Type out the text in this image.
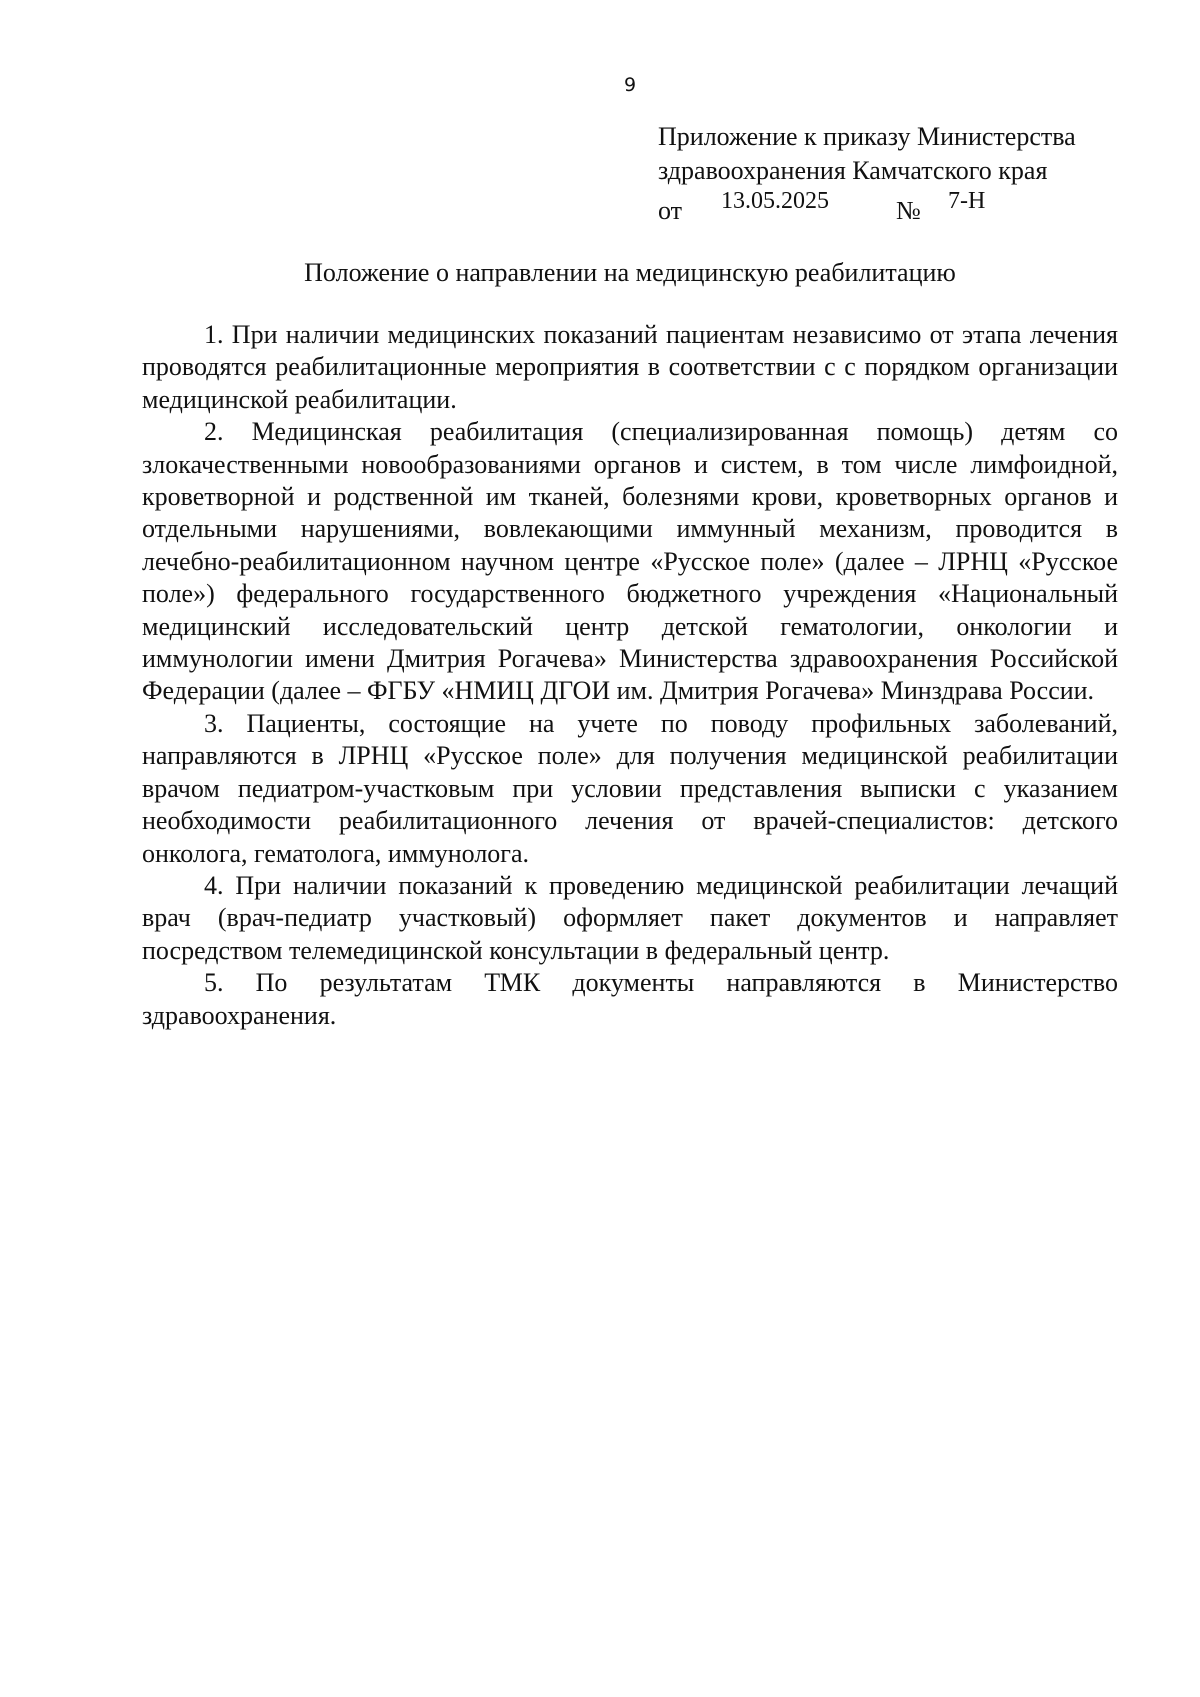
9
Приложение к приказу Министерства
здравоохранения Камчатского края
от 13.05.2025	№ 7-Н
Положение о направлении на медицинскую реабилитацию

1. При наличии медицинских показаний пациентам независимо от этапа лечения проводятся реабилитационные мероприятия в соответствии с с порядком организации медицинской реабилитации.

2. Медицинская реабилитация (специализированная помощь) детям со злокачественными новообразованиями органов и систем, в том числе лимфоидной, кроветворной и родственной им тканей, болезнями крови, кроветворных органов и отдельными нарушениями, вовлекающими иммунный механизм, проводится в лечебно-реабилитационном научном центре «Русское поле» (далее – ЛРНЦ «Русское поле») федерального государственного бюджетного учреждения «Национальный медицинский исследовательский центр детской гематологии, онкологии и иммунологии имени Дмитрия Рогачева» Министерства здравоохранения Российской Федерации (далее – ФГБУ «НМИЦ ДГОИ им. Дмитрия Рогачева» Минздрава России.

3. Пациенты, состоящие на учете по поводу профильных заболеваний, направляются в ЛРНЦ «Русское поле» для получения медицинской реабилитации врачом педиатром-участковым при условии представления выписки с указанием необходимости реабилитационного лечения от врачей-специалистов: детского онколога, гематолога, иммунолога.

4. При наличии показаний к проведению медицинской реабилитации лечащий врач (врач-педиатр участковый) оформляет пакет документов и направляет посредством телемедицинской консультации в федеральный центр.

5. По результатам ТМК документы направляются в Министерство здравоохранения.
